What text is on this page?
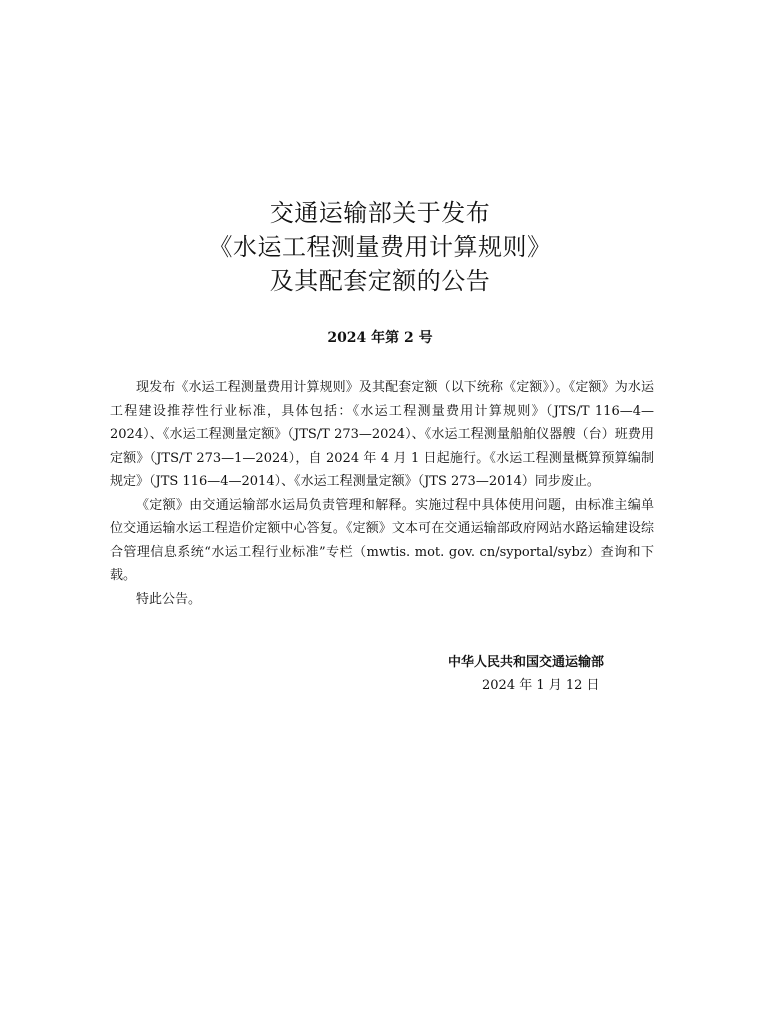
交通运输部关于发布
《水运工程测量费用计算规则》
及其配套定额的公告
2024 年第 2 号

现发布《水运工程测量费用计算规则》及其配套定额（以下统称《定额》）。《定额》为水运工程建设推荐性行业标准，具体包括：《水运工程测量费用计算规则》（JTS/T 116—4—2024）、《水运工程测量定额》（JTS/T 273—2024）、《水运工程测量船舶仪器艘（台）班费用定额》（JTS/T 273—1—2024），自 2024 年 4 月 1 日起施行。《水运工程测量概算预算编制规定》（JTS 116—4—2014）、《水运工程测量定额》（JTS 273—2014）同步废止。

《定额》由交通运输部水运局负责管理和解释。实施过程中具体使用问题，由标准主编单位交通运输水运工程造价定额中心答复。《定额》文本可在交通运输部政府网站水路运输建设综合管理信息系统“水运工程行业标准”专栏（mwtis. mot. gov. cn/syportal/sybz）查询和下载。

特此公告。

中华人民共和国交通运输部
2024 年 1 月 12 日
